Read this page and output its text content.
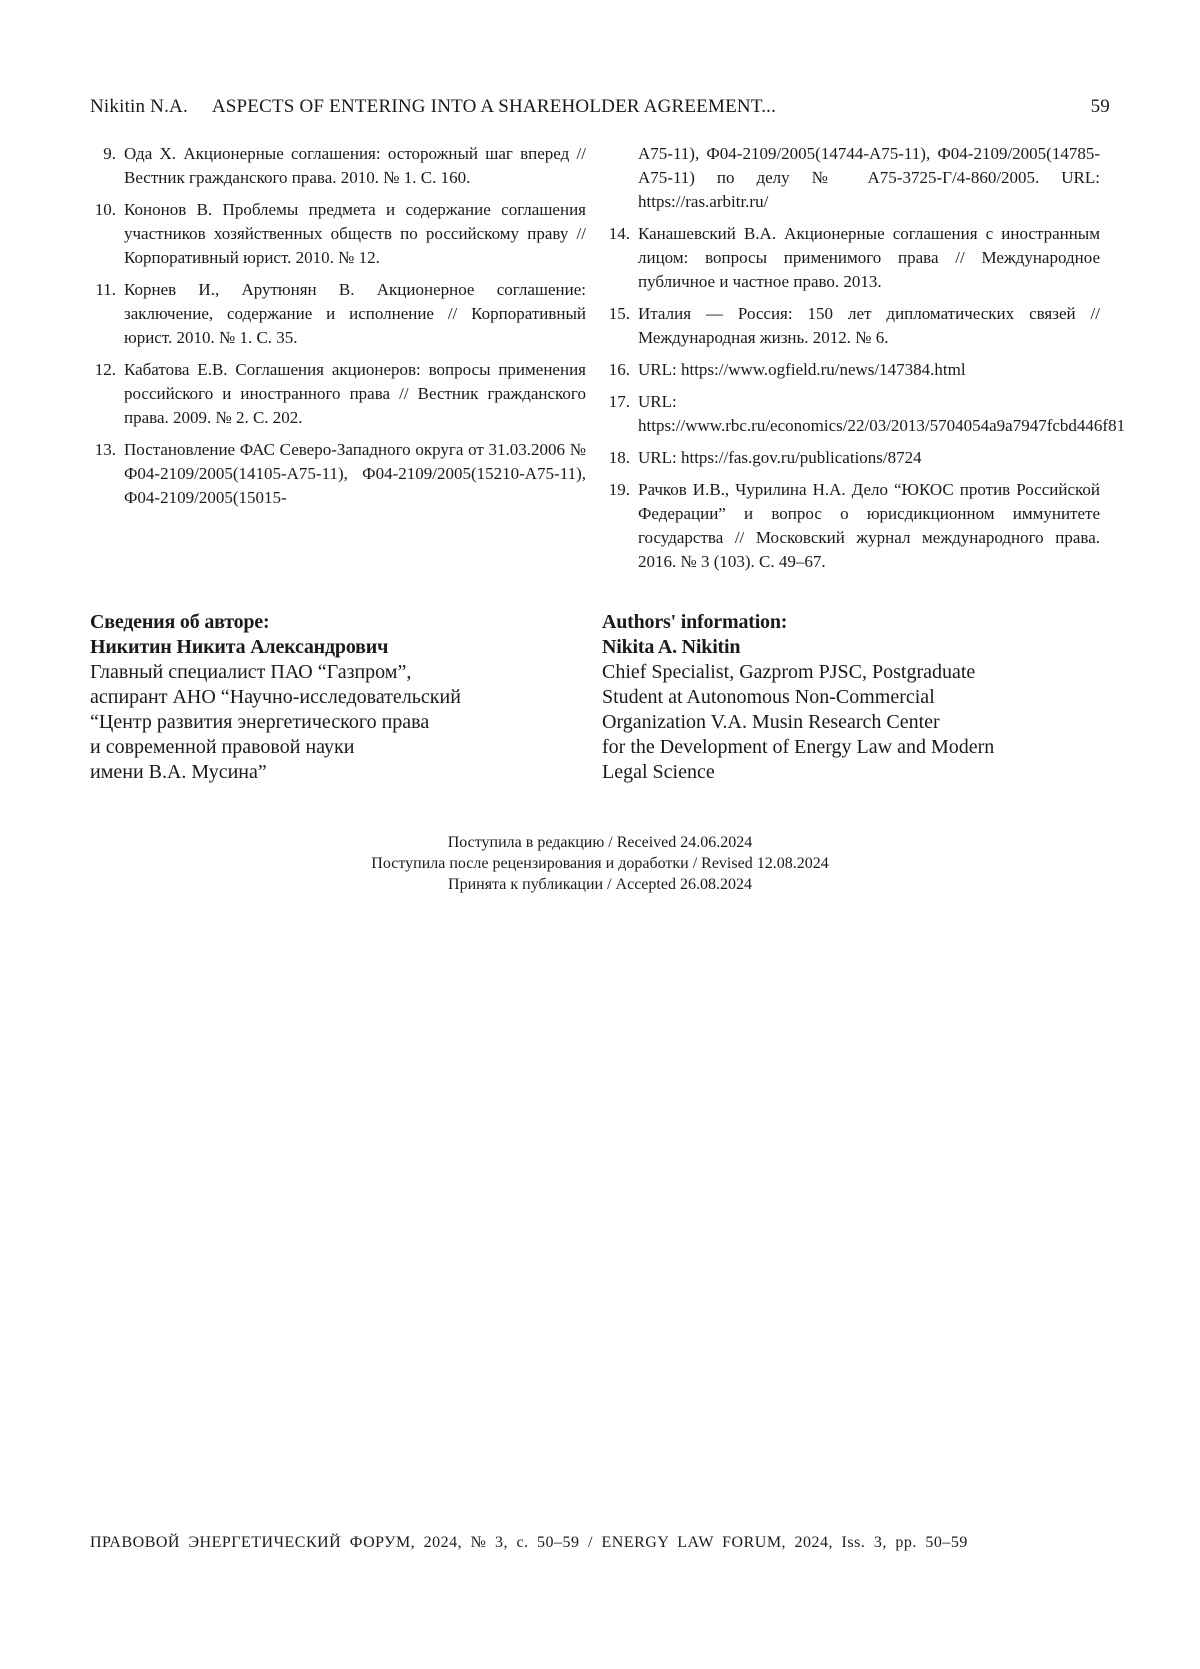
Nikitin N.A. ASPECTS OF ENTERING INTO A SHAREHOLDER AGREEMENT...	59
9. Ода Х. Акционерные соглашения: осторожный шаг вперед // Вестник гражданского права. 2010. № 1. С. 160.
10. Кононов В. Проблемы предмета и содержание соглашения участников хозяйственных обществ по российскому праву // Корпоративный юрист. 2010. № 12.
11. Корнев И., Арутюнян В. Акционерное соглашение: заключение, содержание и исполнение // Корпоративный юрист. 2010. № 1. С. 35.
12. Кабатова Е.В. Соглашения акционеров: вопросы применения российского и иностранного права // Вестник гражданского права. 2009. № 2. С. 202.
13. Постановление ФАС Северо-Западного округа от 31.03.2006 № Ф04-2109/2005(14105-А75-11), Ф04-2109/2005(15210-А75-11), Ф04-2109/2005(15015-
А75-11), Ф04-2109/2005(14744-А75-11), Ф04-2109/2005(14785-А75-11) по делу № А75-3725-Г/4-860/2005. URL: https://ras.arbitr.ru/
14. Канашевский В.А. Акционерные соглашения с иностранным лицом: вопросы применимого права // Международное публичное и частное право. 2013.
15. Италия — Россия: 150 лет дипломатических связей // Международная жизнь. 2012. № 6.
16. URL: https://www.ogfield.ru/news/147384.html
17. URL: https://www.rbc.ru/economics/22/03/2013/5704054a9a7947fcbd446f81
18. URL: https://fas.gov.ru/publications/8724
19. Рачков И.В., Чурилина Н.А. Дело “ЮКОС против Российской Федерации” и вопрос о юрисдикционном иммунитете государства // Московский журнал международного права. 2016. № 3 (103). С. 49–67.
Сведения об авторе:
Никитин Никита Александрович
Главный специалист ПАО “Газпром”,
аспирант АНО “Научно-исследовательский
“Центр развития энергетического права
и современной правовой науки
имени В.А. Мусина”
Authors' information:
Nikita A. Nikitin
Chief Specialist, Gazprom PJSC, Postgraduate
Student at Autonomous Non-Commercial
Organization V.A. Musin Research Center
for the Development of Energy Law and Modern
Legal Science
Поступила в редакцию / Received 24.06.2024
Поступила после рецензирования и доработки / Revised 12.08.2024
Принята к публикации / Accepted 26.08.2024
ПРАВОВОЙ ЭНЕРГЕТИЧЕСКИЙ ФОРУМ, 2024, № 3, с. 50–59 / ENERGY LAW FORUM, 2024, Iss. 3, pp. 50–59
